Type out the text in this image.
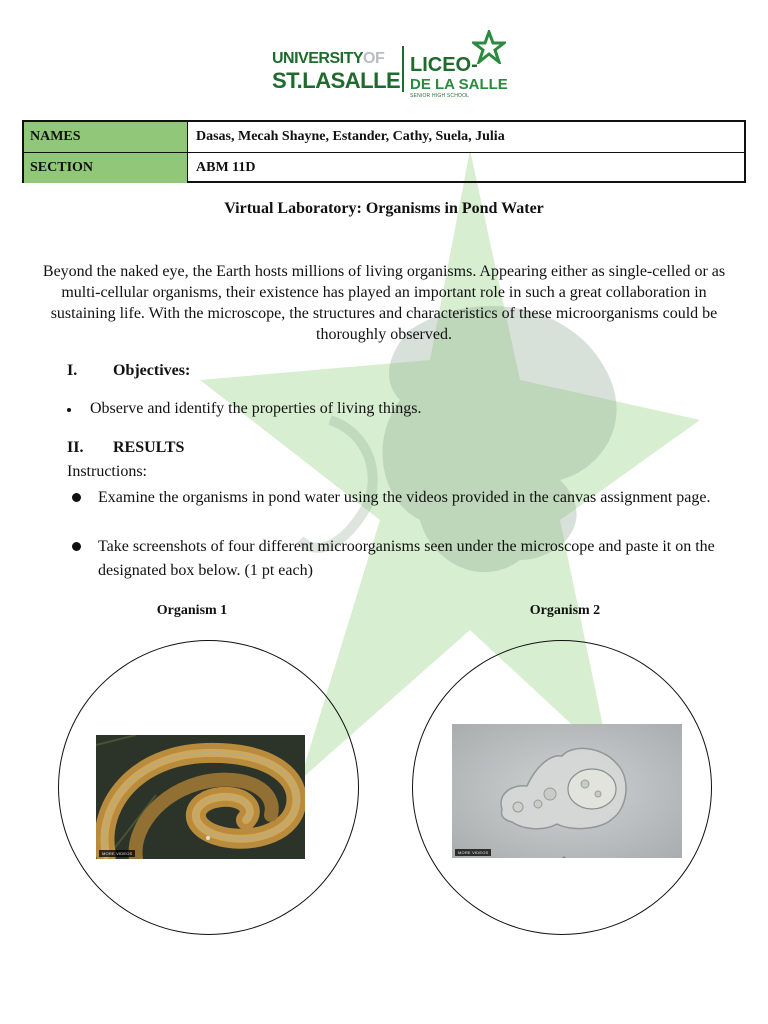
UNIVERSITYOF
ST.LASALLE
LICEO-
DE LA SALLE
SENIOR HIGH SCHOOL
NAMES	Dasas, Mecah Shayne, Estander, Cathy, Suela, Julia
SECTION	ABM 11D
Virtual Laboratory: Organisms in Pond Water
Beyond the naked eye, the Earth hosts millions of living organisms. Appearing either as single-celled or as multi-cellular organisms, their existence has played an important role in such a great collaboration in sustaining life. With the microscope, the structures and characteristics of these microorganisms could be thoroughly observed.
I. Objectives:
Observe and identify the properties of living things.
II. RESULTS
Instructions:
Examine the organisms in pond water using the videos provided in the canvas assignment page.
Take screenshots of four different microorganisms seen under the microscope and paste it on the designated box below. (1 pt each)
Organism 1	Organism 2
MORE VIDEOS	MORE VIDEOS
